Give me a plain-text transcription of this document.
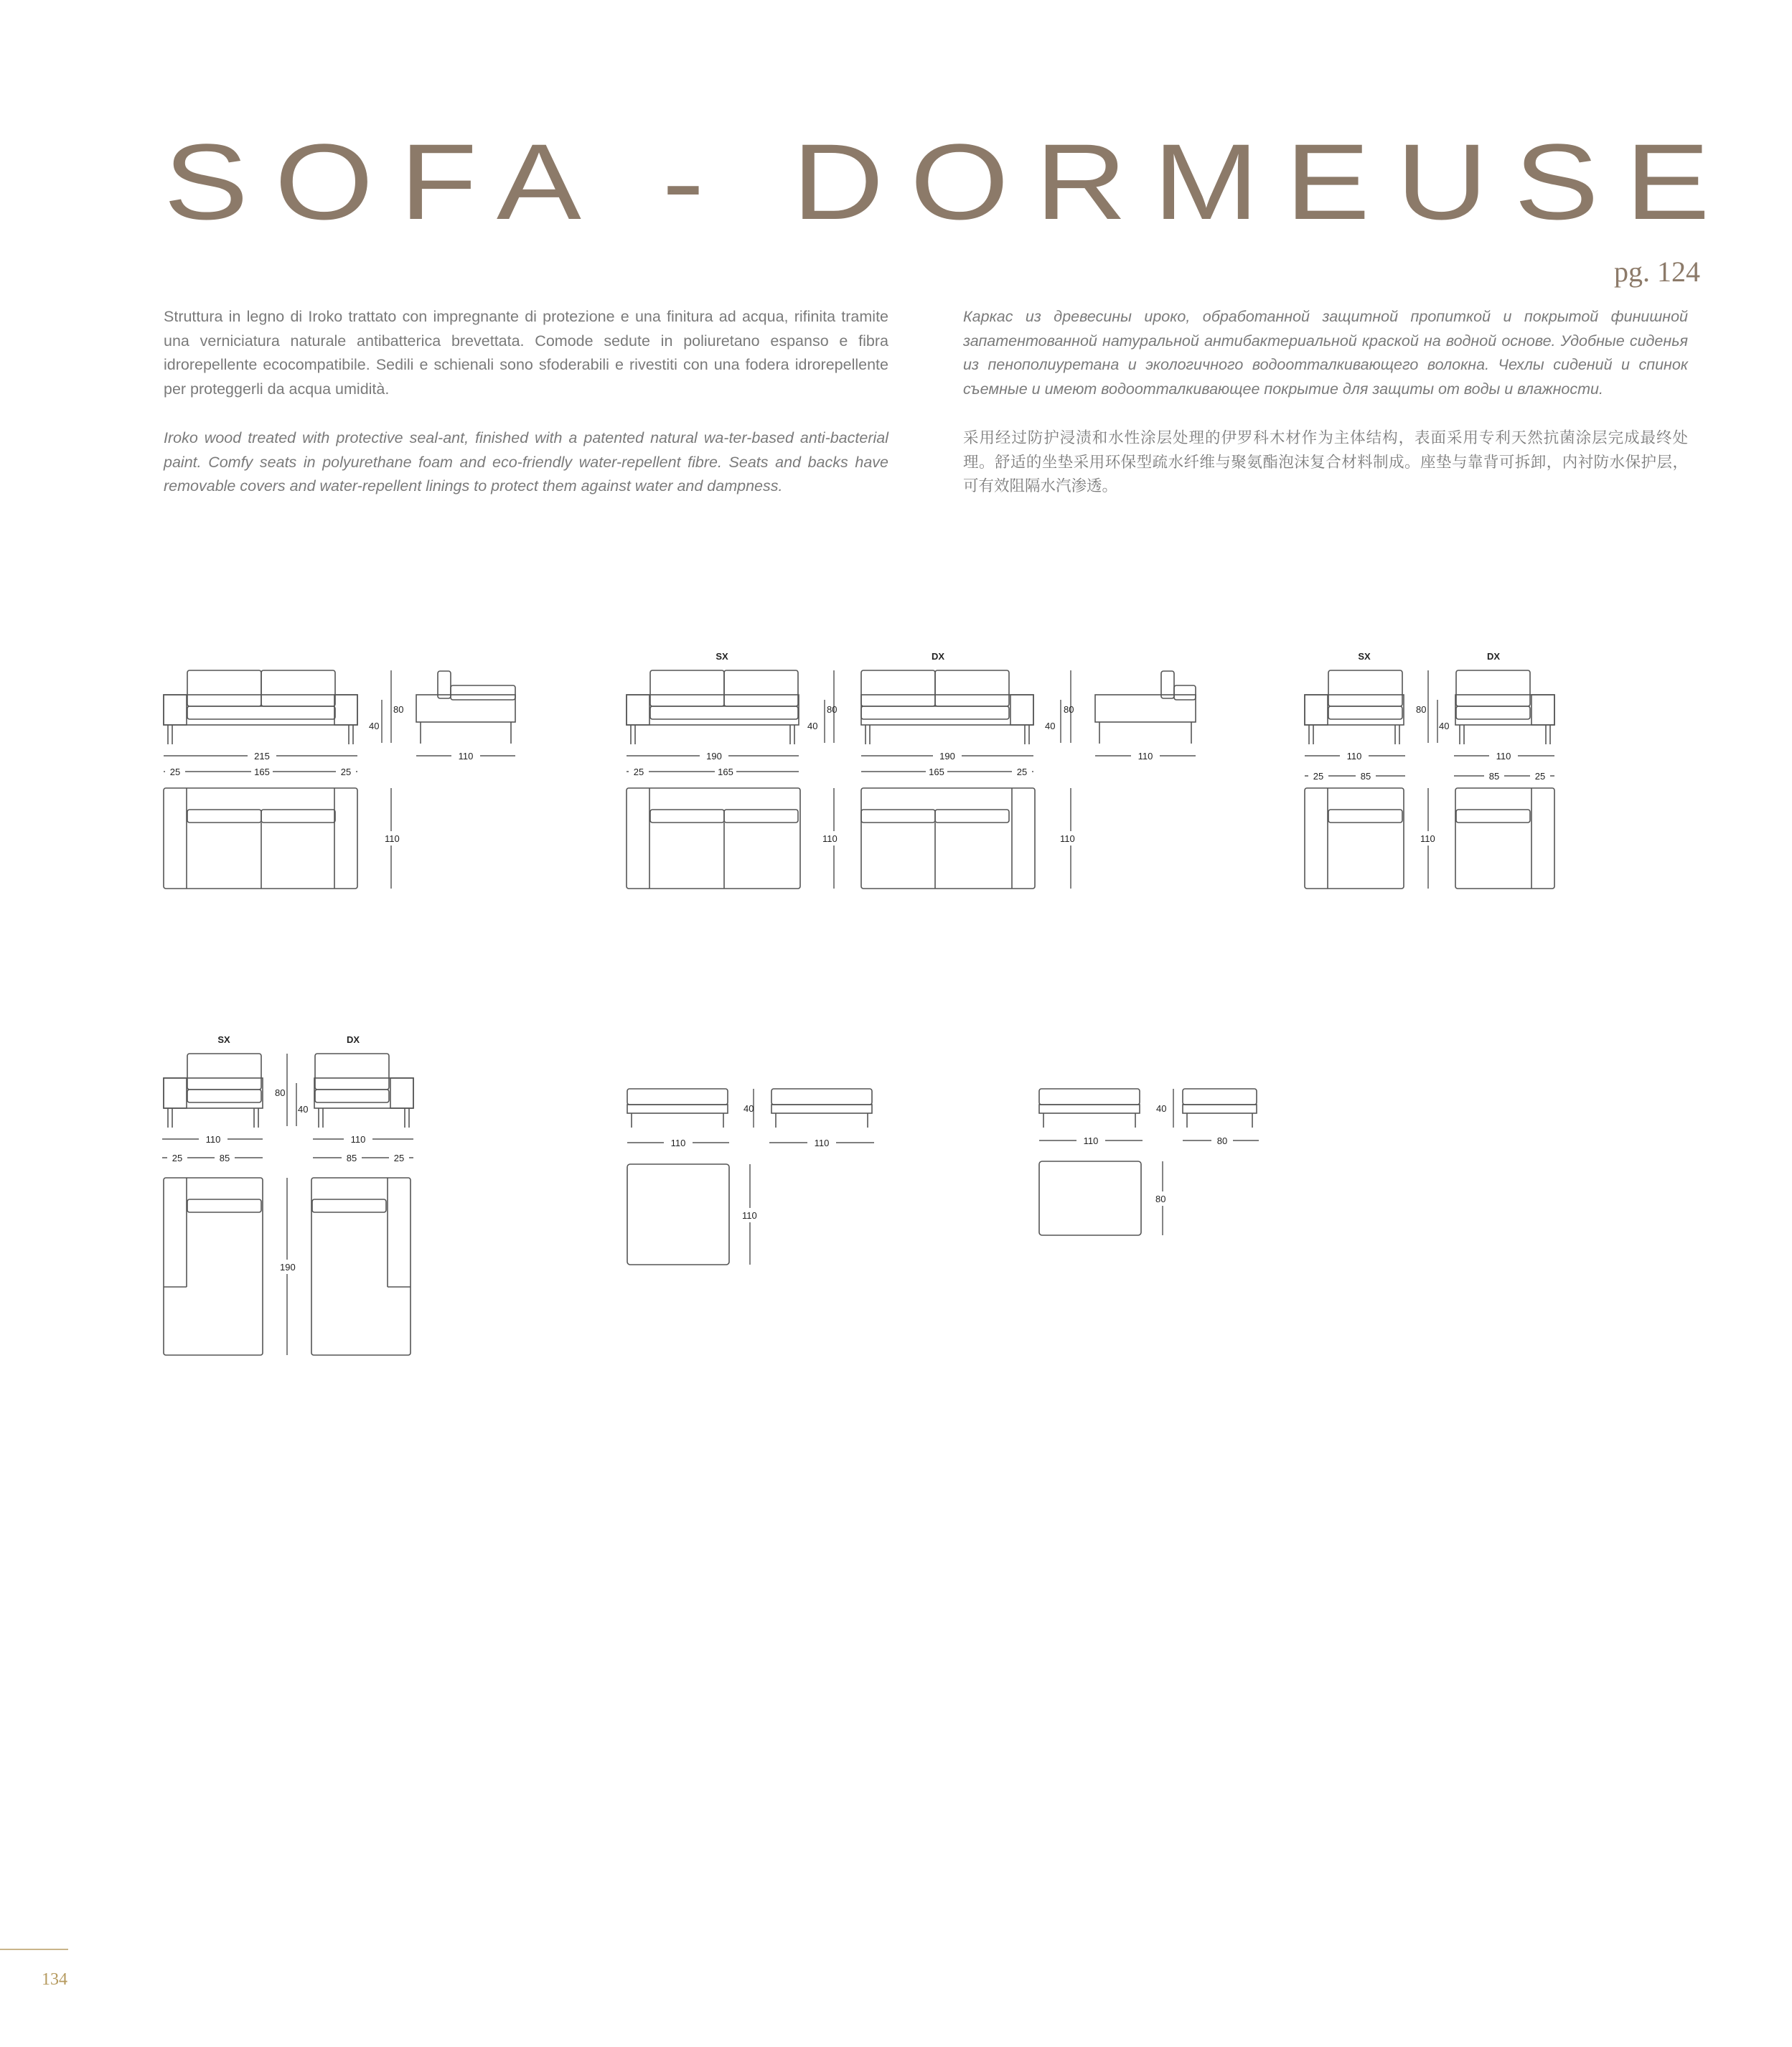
SOFA - DORMEUSE
pg. 124

Struttura in legno di Iroko trattato con impregnante di protezione e una finitura ad acqua, rifinita tramite una verniciatura naturale antibatterica brevettata. Comode sedute in poliuretano espanso e fibra idrorepellente ecocompatibile. Sedili e schienali sono sfoderabili e rivestiti con una fodera idrorepellente per proteggerli da acqua umidità.

Iroko wood treated with protective seal-ant, finished with a patented natural wa-ter-based anti-bacterial paint. Comfy seats in polyurethane foam and eco-friendly water-repellent fibre. Seats and backs have removable covers and water-repellent linings to protect them against water and dampness.

Каркас из древесины ироко, обработанной защитной пропиткой и покрытой финишной запатентованной натуральной антибактериальной краской на водной основе. Удобные сиденья из пенополиуретана и экологичного водоотталкивающего волокна. Чехлы сидений и спинок съемные и имеют водоотталкивающее покрытие для защиты от воды и влажности.

采用经过防护浸渍和水性涂层处理的伊罗科木材作为主体结构，表面采用专利天然抗菌涂层完成最终处理。舒适的坐垫采用环保型疏水纤维与聚氨酯泡沫复合材料制成。座垫与靠背可拆卸，内衬防水保护层，可有效阻隔水汽渗透。

215
25	165	25
80
40
110
110
SX	DX
190
25	165
80
40
190
165	25
80
40
110
110	110
SX	DX
80
40
110
25	85
110
85	25
110
SX	DX
80
40
110
25	85
110
85	25
190
40
110	110
110
40
110	80
80
134
